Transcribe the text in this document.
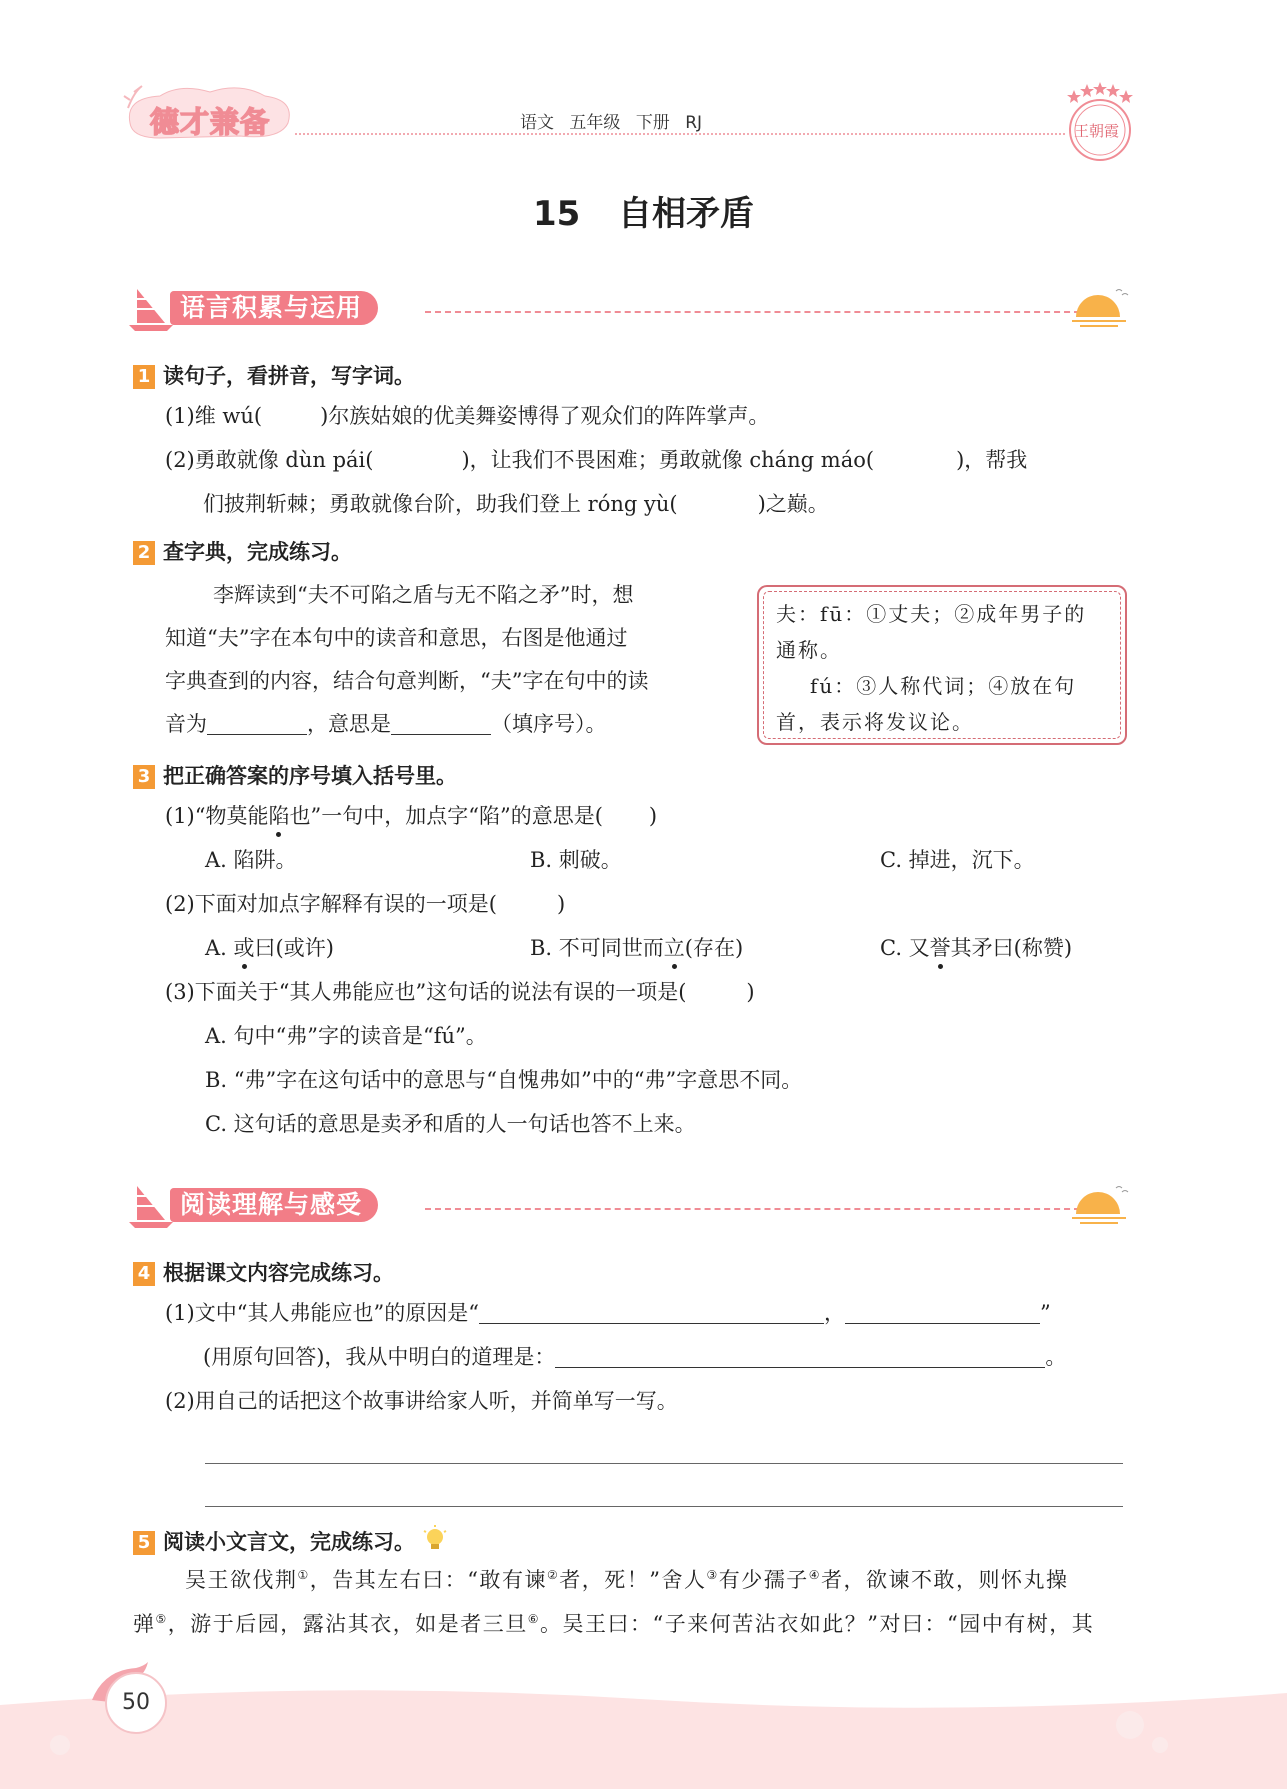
德才兼备	语文 五年级 下册 RJ	王朝霞
15 自相矛盾
语言积累与运用
1 读句子，看拼音，写字词。
(1)维 wú(	)尔族姑娘的优美舞姿博得了观众们的阵阵掌声。
(2)勇敢就像 dùn pái(	)，让我们不畏困难；勇敢就像 cháng máo(	)，帮我
们披荆斩棘；勇敢就像台阶，助我们登上 róng yù(	)之巅。
2 查字典，完成练习。
李辉读到“夫不可陷之盾与无不陷之矛”时，想
知道“夫”字在本句中的读音和意思，右图是他通过
字典查到的内容，结合句意判断，“夫”字在句中的读
音为	，意思是	（填序号）。
夫：fū：①丈夫；②成年男子的
通称。
fú：③人称代词；④放在句
首，表示将发议论。
3 把正确答案的序号填入括号里。
(1)“物莫能陷也”一句中，加点字“陷”的意思是( )
A. 陷阱。	B. 刺破。	C. 掉进，沉下。
(2)下面对加点字解释有误的一项是(	)
A. 或曰(或许)	B. 不可同世而立(存在)	C. 又誉其矛曰(称赞)
(3)下面关于“其人弗能应也”这句话的说法有误的一项是(	)
A. 句中“弗”字的读音是“fú”。
B. “弗”字在这句话中的意思与“自愧弗如”中的“弗”字意思不同。
C. 这句话的意思是卖矛和盾的人一句话也答不上来。
阅读理解与感受
4 根据课文内容完成练习。
(1)文中“其人弗能应也”的原因是“	，	”
(用原句回答)，我从中明白的道理是：	。
(2)用自己的话把这个故事讲给家人听，并简单写一写。
5 阅读小文言文，完成练习。
吴王欲伐荆①，告其左右曰：“敢有谏②者，死！”舍人③有少孺子④者，欲谏不敢，则怀丸操
弹⑤，游于后园，露沾其衣，如是者三旦⑥。吴王曰：“子来何苦沾衣如此？”对曰：“园中有树，其
50
